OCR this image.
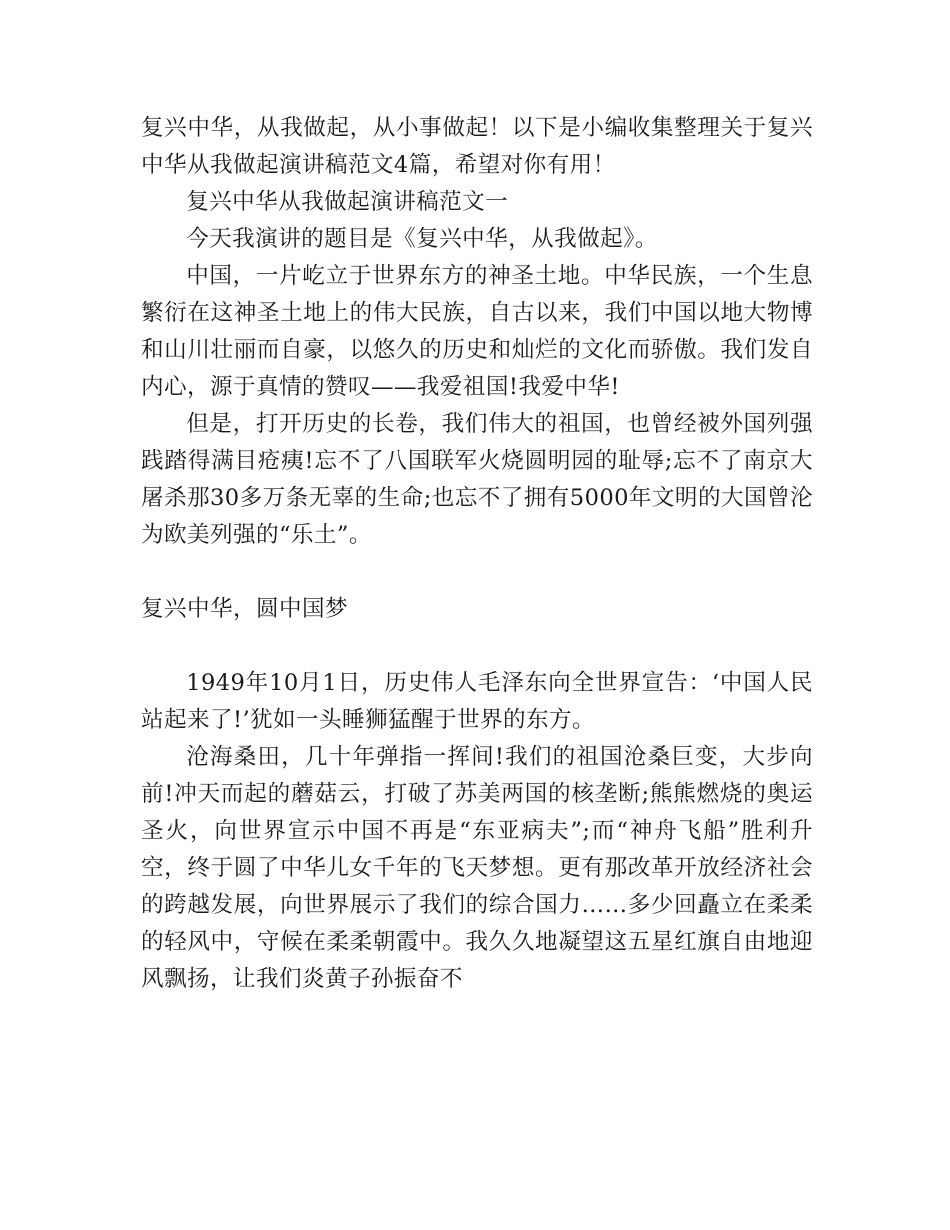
复兴中华，从我做起，从小事做起！以下是小编收集整理关于复兴中华从我做起演讲稿范文4篇，希望对你有用！

复兴中华从我做起演讲稿范文一

今天我演讲的题目是《复兴中华，从我做起》。

中国，一片屹立于世界东方的神圣土地。中华民族，一个生息繁衍在这神圣土地上的伟大民族，自古以来，我们中国以地大物博和山川壮丽而自豪，以悠久的历史和灿烂的文化而骄傲。我们发自内心，源于真情的赞叹——我爱祖国!我爱中华!

但是，打开历史的长卷，我们伟大的祖国，也曾经被外国列强践踏得满目疮痍!忘不了八国联军火烧圆明园的耻辱;忘不了南京大屠杀那30多万条无辜的生命;也忘不了拥有5000年文明的大国曾沦为欧美列强的“乐土”。

复兴中华，圆中国梦

1949年10月1日，历史伟人毛泽东向全世界宣告：‘中国人民站起来了!’犹如一头睡狮猛醒于世界的东方。

沧海桑田，几十年弹指一挥间!我们的祖国沧桑巨变，大步向前!冲天而起的蘑菇云，打破了苏美两国的核垄断;熊熊燃烧的奥运圣火，向世界宣示中国不再是“东亚病夫”;而“神舟飞船”胜利升空，终于圆了中华儿女千年的飞天梦想。更有那改革开放经济社会的跨越发展，向世界展示了我们的综合国力……多少回矗立在柔柔的轻风中，守候在柔柔朝霞中。我久久地凝望这五星红旗自由地迎风飘扬，让我们炎黄子孙振奋不
